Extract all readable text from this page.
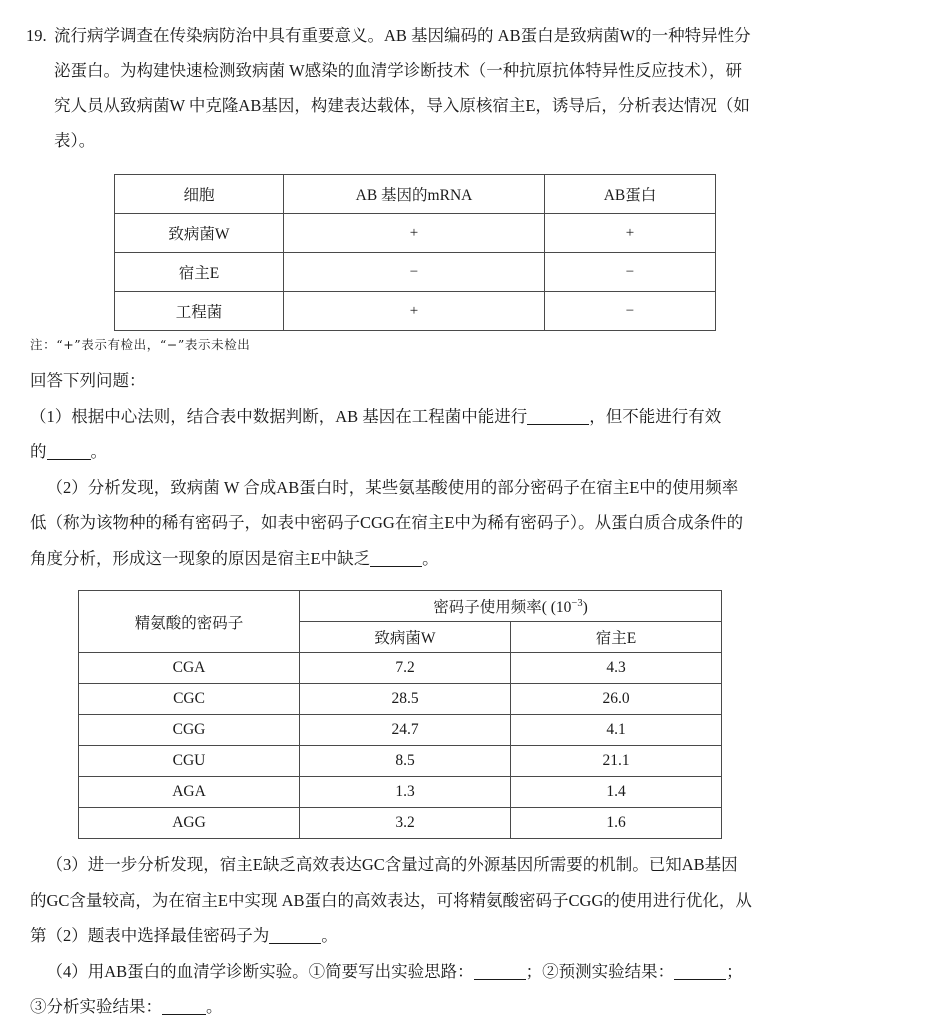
19. 流行病学调查在传染病防治中具有重要意义。AB 基因编码的 AB蛋白是致病菌W的一种特异性分
泌蛋白。为构建快速检测致病菌 W感染的血清学诊断技术（一种抗原抗体特异性反应技术），研
究人员从致病菌W 中克隆AB基因，构建表达载体，导入原核宿主E，诱导后，分析表达情况（如
表）。
细胞	AB 基因的mRNA	AB蛋白
致病菌W	+	+
宿主E	−	−
工程菌	+	−
注：“+”表示有检出，“−”表示未检出

回答下列问题：

（1）根据中心法则，结合表中数据判断，AB 基因在工程菌中能进行	，但不能进行有效

的	。

（2）分析发现，致病菌 W 合成AB蛋白时，某些氨基酸使用的部分密码子在宿主E中的使用频率

低（称为该物种的稀有密码子，如表中密码子CGG在宿主E中为稀有密码子）。从蛋白质合成条件的

角度分析，形成这一现象的原因是宿主E中缺乏	。

精氨酸的密码子	密码子使用频率( $(10^{-3})$	
	致病菌W	宿主E
CGA	7.2	4.3
CGC	28.5	26.0
CGG	24.7	4.1
CGU	8.5	21.1
AGA	1.3	1.4
AGG	3.2	1.6

（3）进一步分析发现，宿主E缺乏高效表达GC含量过高的外源基因所需要的机制。已知AB基因

的GC含量较高，为在宿主E中实现 AB蛋白的高效表达，可将精氨酸密码子CGG的使用进行优化，从

第（2）题表中选择最佳密码子为	。

（4）用AB蛋白的血清学诊断实验。①简要写出实验思路：	；②预测实验结果：	；

③分析实验结果：	。
